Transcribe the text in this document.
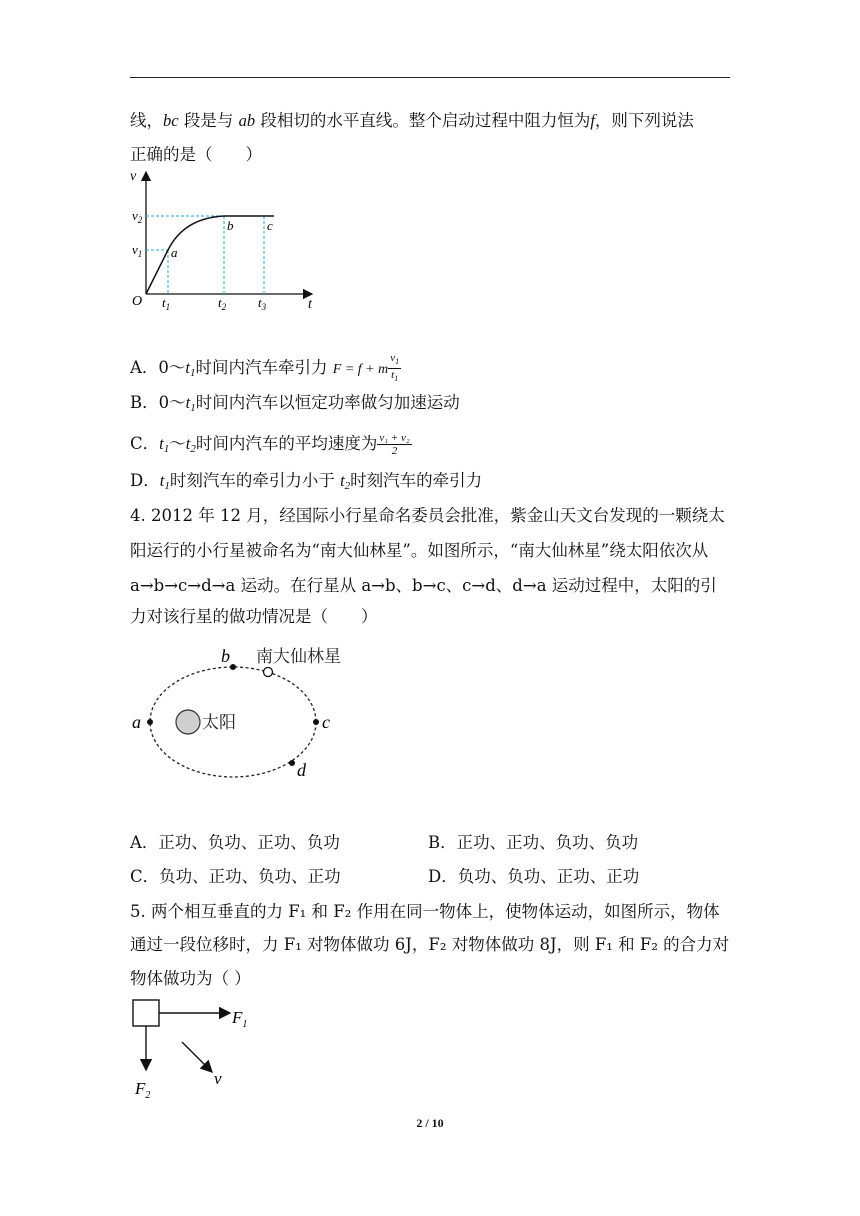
线，bc 段是与 ab 段相切的水平直线。整个启动过程中阻力恒为f，则下列说法
正确的是（　　）
v
t
O
$v_1$
$v_2$
$t_1$	$t_2$ $t_3$
a
b	c
A．$0\sim t_1$时间内汽车牵引力 F = f + m $\frac{v_1}{t_1}$
B．$0\sim t_1$时间内汽车以恒定功率做匀加速运动
C．$t_1\sim t_2$时间内汽车的平均速度为 $\frac{\text{v₁ + v₂}}{2}$
D．$t_1$时刻汽车的牵引力小于 $t_2$时刻汽车的牵引力
4. 2012 年 12 月，经国际小行星命名委员会批准，紫金山天文台发现的一颗绕太
阳运行的小行星被命名为“南大仙林星”。如图所示，“南大仙林星”绕太阳依次从
a→b→c→d→a 运动。在行星从 a→b、b→c、c→d、d→a 运动过程中，太阳的引
力对该行星的做功情况是（　　）
南大仙林星
太阳
a
b
c
d
A．正功、负功、正功、负功	B．正功、正功、负功、负功
C．负功、正功、负功、正功	D．负功、负功、正功、正功
5. 两个相互垂直的力 F₁ 和 F₂ 作用在同一物体上，使物体运动，如图所示，物体
通过一段位移时，力 F₁ 对物体做功 6J，F₂ 对物体做功 8J，则 F₁ 和 F₂ 的合力对
物体做功为（ ）
$F_1$
$F_2$
v
2 / 10
